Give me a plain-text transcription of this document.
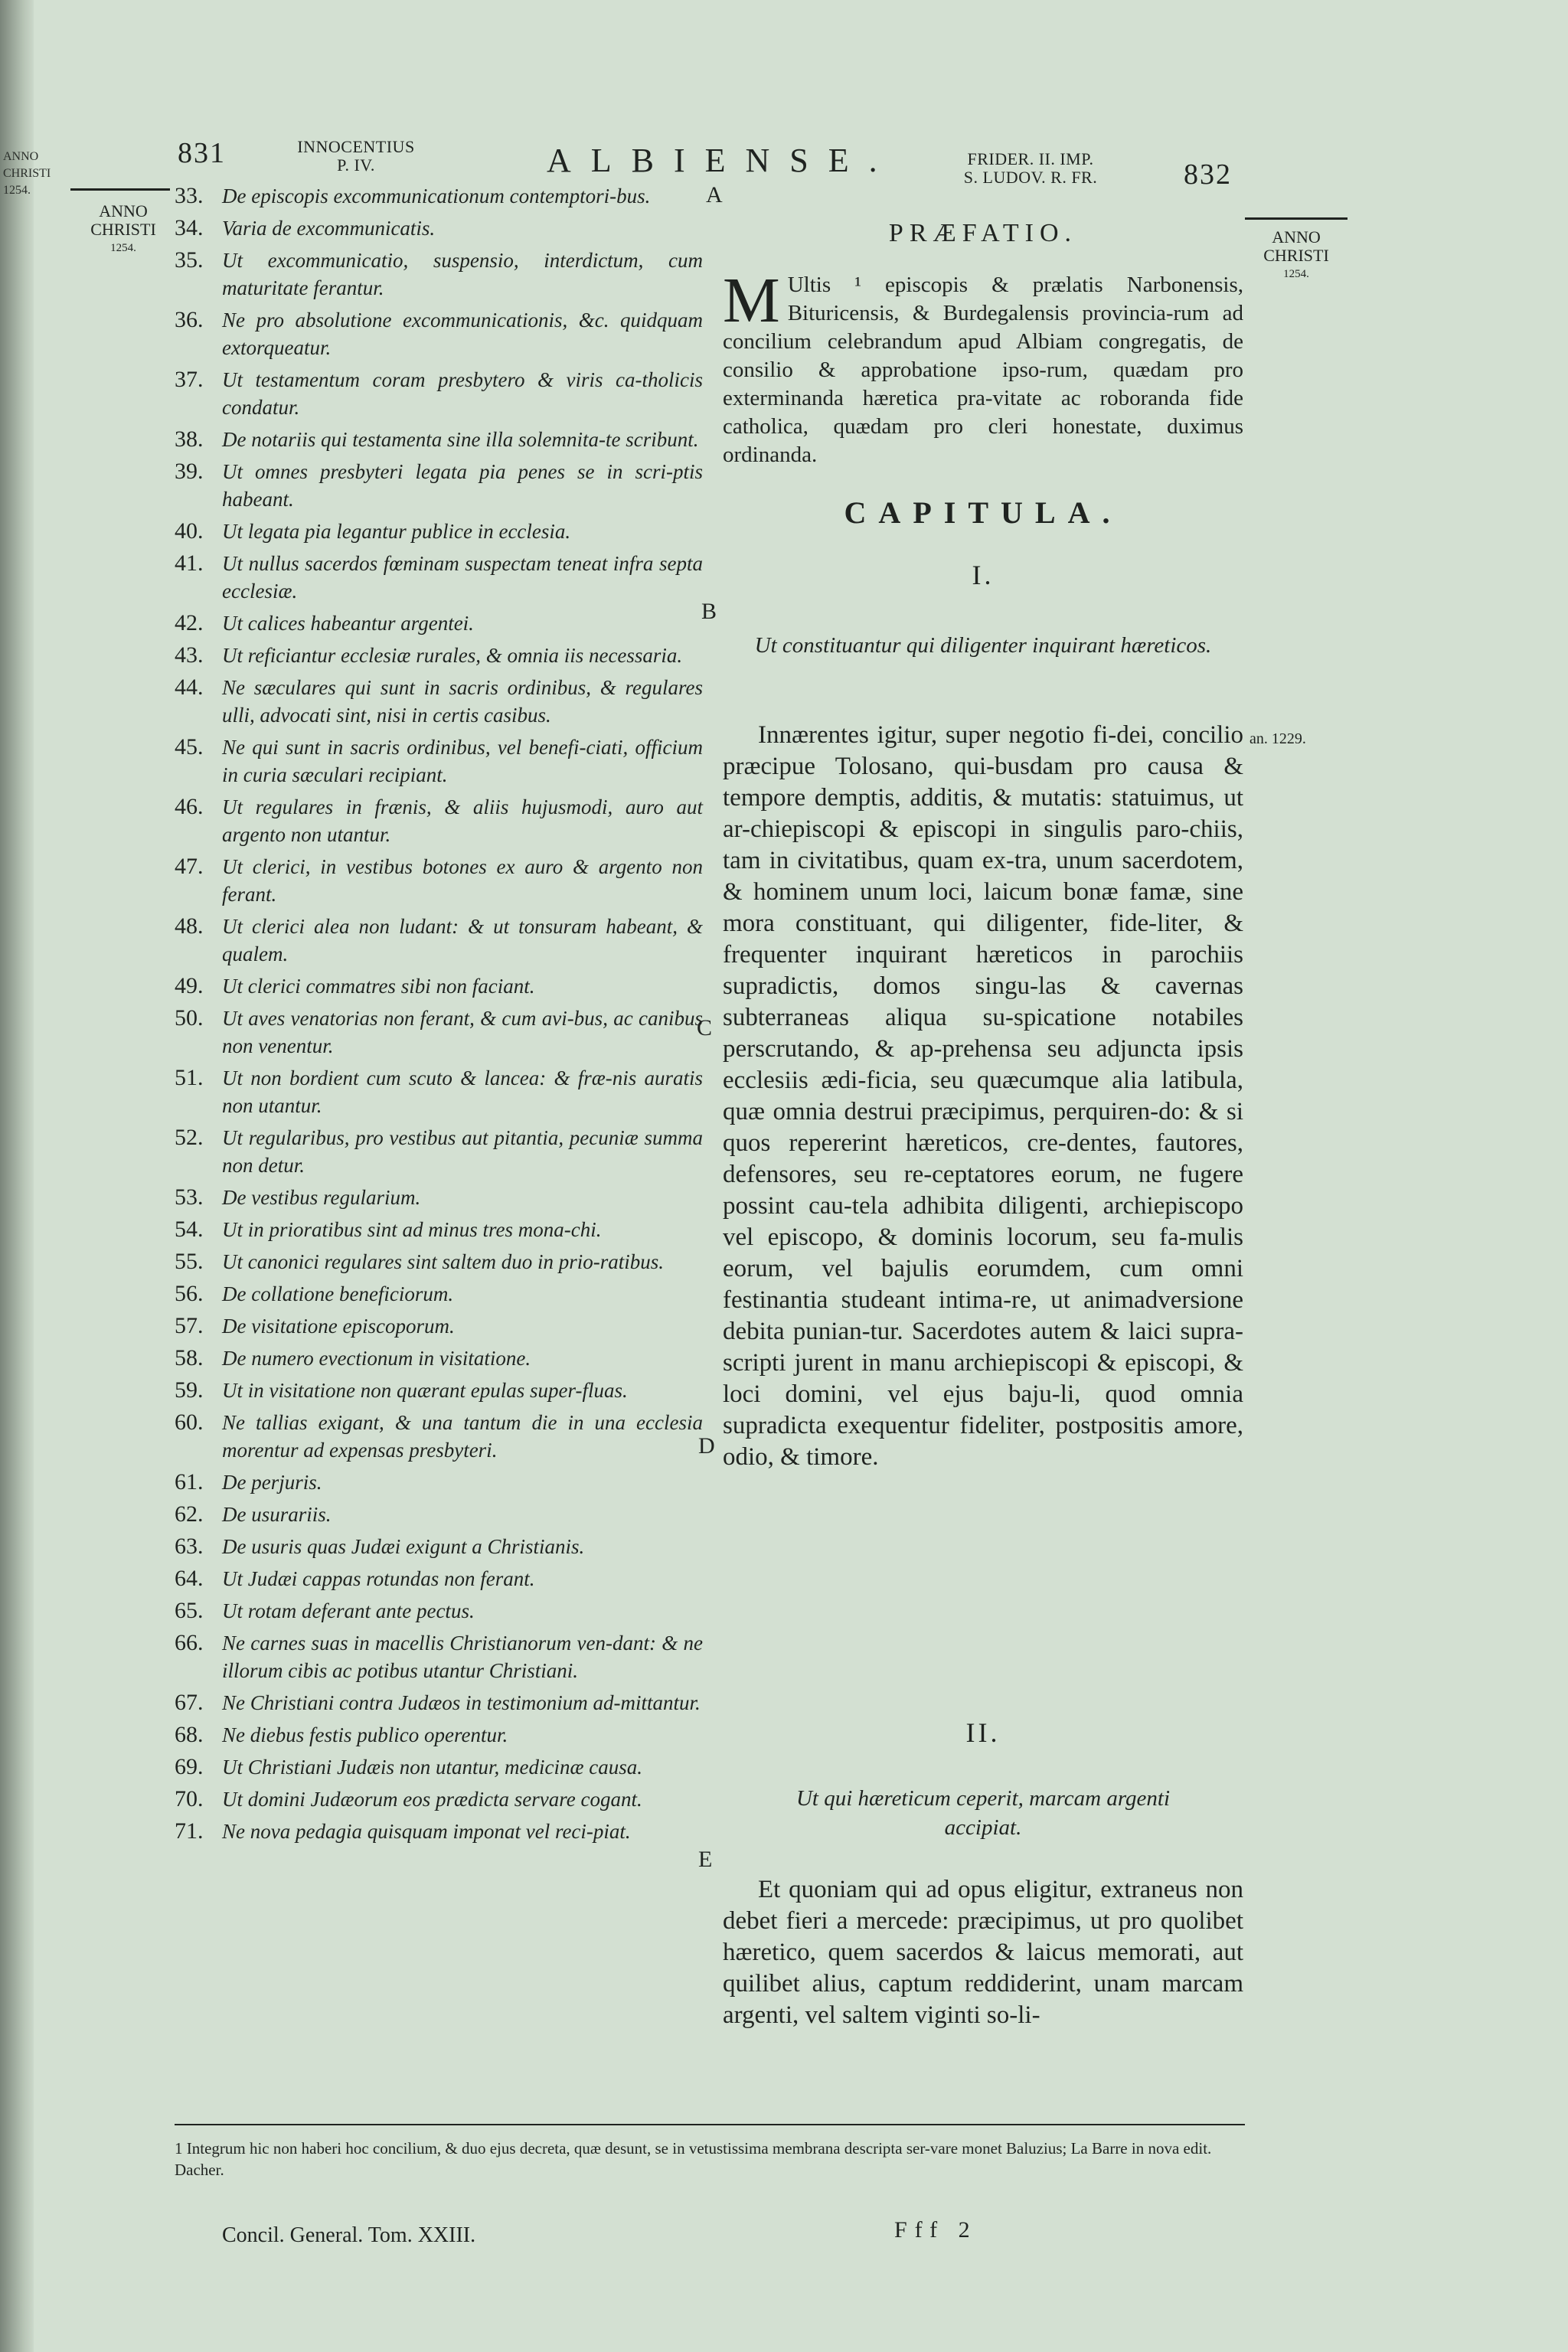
ANNO
CHRISTI
1254.
831	INNOCENTIUS
P. IV.	ALBIENSE.	FRIDER. II. IMP.
S. LUDOV. R. FR.	832
ANNO
CHRISTI
1254.
ANNO
CHRISTI
1254.
A
B
C
D
E
33. De episcopis excommunicationum contemptori-bus.
34. Varia de excommunicatis.
35. Ut excommunicatio, suspensio, interdictum, cum maturitate ferantur.
36. Ne pro absolutione excommunicationis, &c. quidquam extorqueatur.
37. Ut testamentum coram presbytero & viris ca-tholicis condatur.
38. De notariis qui testamenta sine illa solemnita-te scribunt.
39. Ut omnes presbyteri legata pia penes se in scri-ptis habeant.
40. Ut legata pia legantur publice in ecclesia.
41. Ut nullus sacerdos fœminam suspectam teneat infra septa ecclesiæ.
42. Ut calices habeantur argentei.
43. Ut reficiantur ecclesiæ rurales, & omnia iis necessaria.
44. Ne sæculares qui sunt in sacris ordinibus, & regulares ulli, advocati sint, nisi in certis casibus.
45. Ne qui sunt in sacris ordinibus, vel benefi-ciati, officium in curia sæculari recipiant.
46. Ut regulares in frænis, & aliis hujusmodi, auro aut argento non utantur.
47. Ut clerici, in vestibus botones ex auro & argento non ferant.
48. Ut clerici alea non ludant: & ut tonsuram habeant, & qualem.
49. Ut clerici commatres sibi non faciant.
50. Ut aves venatorias non ferant, & cum avi-bus, ac canibus non venentur.
51. Ut non bordient cum scuto & lancea: & fræ-nis auratis non utantur.
52. Ut regularibus, pro vestibus aut pitantia, pecuniæ summa non detur.
53. De vestibus regularium.
54. Ut in prioratibus sint ad minus tres mona-chi.
55. Ut canonici regulares sint saltem duo in prio-ratibus.
56. De collatione beneficiorum.
57. De visitatione episcoporum.
58. De numero evectionum in visitatione.
59. Ut in visitatione non quærant epulas super-fluas.
60. Ne tallias exigant, & una tantum die in una ecclesia morentur ad expensas presbyteri.
61. De perjuris.
62. De usurariis.
63. De usuris quas Judæi exigunt a Christianis.
64. Ut Judæi cappas rotundas non ferant.
65. Ut rotam deferant ante pectus.
66. Ne carnes suas in macellis Christianorum ven-dant: & ne illorum cibis ac potibus utantur Christiani.
67. Ne Christiani contra Judæos in testimonium ad-mittantur.
68. Ne diebus festis publico operentur.
69. Ut Christiani Judæis non utantur, medicinæ causa.
70. Ut domini Judæorum eos prædicta servare cogant.
71. Ne nova pedagia quisquam imponat vel reci-piat.
PRÆFATIO.
M Ultis ¹ episcopis & prælatis Narbonensis, Bituricensis, & Burdegalensis provincia-rum ad concilium celebrandum apud Albiam congregatis, de consilio & approbatione ipso-rum, quædam pro exterminanda hæretica pra-vitate ac roboranda fide catholica, quædam pro cleri honestate, duximus ordinanda.
CAPITULA.
I.
Ut constituantur qui diligenter inquirant hæreticos.
Innærentes igitur, super negotio fi-dei, concilio præcipue Tolosano, qui-busdam pro causa & tempore demptis, additis, & mutatis: statuimus, ut ar-chiepiscopi & episcopi in singulis paro-chiis, tam in civitatibus, quam ex-tra, unum sacerdotem, & hominem unum loci, laicum bonæ famæ, sine mora constituant, qui diligenter, fide-liter, & frequenter inquirant hæreticos in parochiis supradictis, domos singu-las & cavernas subterraneas aliqua su-spicatione notabiles perscrutando, & ap-prehensa seu adjuncta ipsis ecclesiis ædi-ficia, seu quæcumque alia latibula, quæ omnia destrui præcipimus, perquiren-do: & si quos repererint hæreticos, cre-dentes, fautores, defensores, seu re-ceptatores eorum, ne fugere possint cau-tela adhibita diligenti, archiepiscopo vel episcopo, & dominis locorum, seu fa-mulis eorum, vel bajulis eorumdem, cum omni festinantia studeant intima-re, ut animadversione debita punian-tur. Sacerdotes autem & laici supra-scripti jurent in manu archiepiscopi & episcopi, & loci domini, vel ejus baju-li, quod omnia supradicta exequentur fideliter, postpositis amore, odio, & timore.
an. 1229.
II.
Ut qui hæreticum ceperit, marcam argenti accipiat.
Et quoniam qui ad opus eligitur, extraneus non debet fieri a mercede: præcipimus, ut pro quolibet hæretico, quem sacerdos & laicus memorati, aut quilibet alius, captum reddiderint, unam marcam argenti, vel saltem viginti so-li-
1 Integrum hic non haberi hoc concilium, & duo ejus decreta, quæ desunt, se in vetustissima membrana descripta ser-vare monet Baluzius; La Barre in nova edit. Dacher.
Concil. General. Tom. XXIII.	Fff 2
